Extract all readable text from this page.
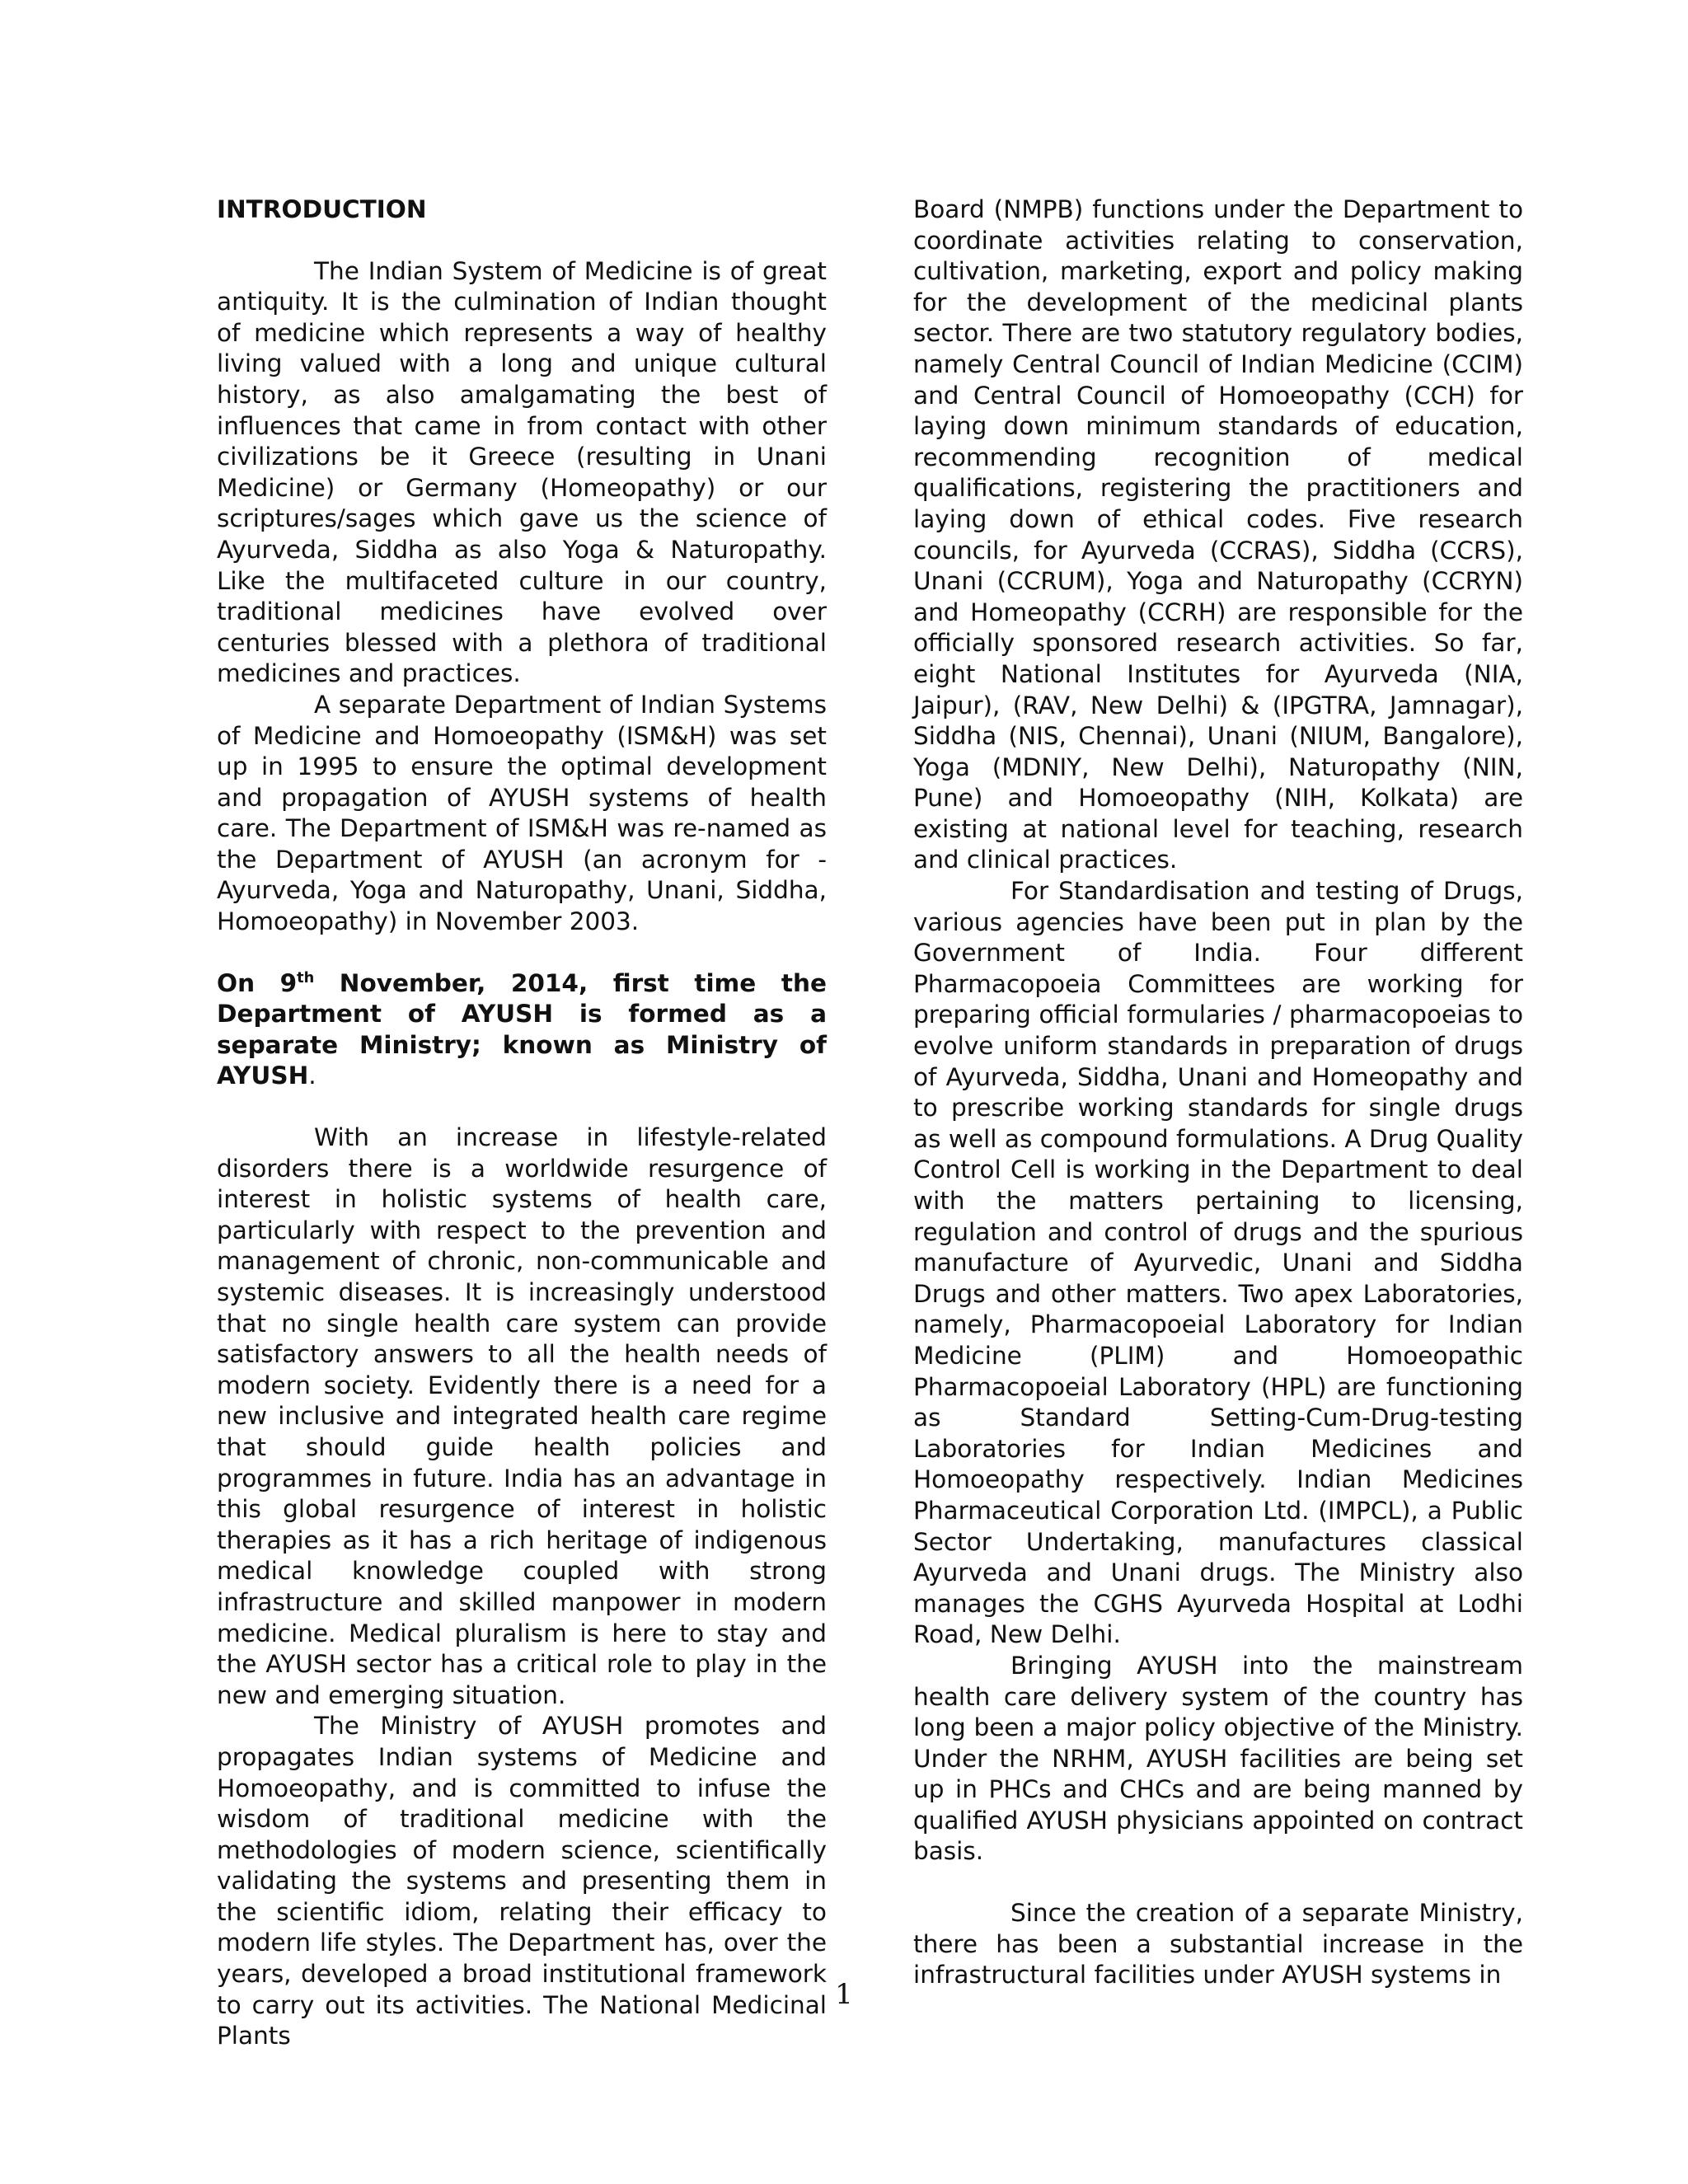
INTRODUCTION

The Indian System of Medicine is of great antiquity. It is the culmination of Indian thought of medicine which represents a way of healthy living valued with a long and unique cultural history, as also amalgamating the best of influences that came in from contact with other civilizations be it Greece (resulting in Unani Medicine) or Germany (Homeopathy) or our scriptures/sages which gave us the science of Ayurveda, Siddha as also Yoga & Naturopathy. Like the multifaceted culture in our country, traditional medicines have evolved over centuries blessed with a plethora of traditional medicines and practices.

A separate Department of Indian Systems of Medicine and Homoeopathy (ISM&H) was set up in 1995 to ensure the optimal development and propagation of AYUSH systems of health care. The Department of ISM&H was re-named as the Department of AYUSH (an acronym for - Ayurveda, Yoga and Naturopathy, Unani, Siddha, Homoeopathy) in November 2003.

On 9th November, 2014, first time the Department of AYUSH is formed as a separate Ministry; known as Ministry of AYUSH.

With an increase in lifestyle-related disorders there is a worldwide resurgence of interest in holistic systems of health care, particularly with respect to the prevention and management of chronic, non-communicable and systemic diseases. It is increasingly understood that no single health care system can provide satisfactory answers to all the health needs of modern society. Evidently there is a need for a new inclusive and integrated health care regime that should guide health policies and programmes in future. India has an advantage in this global resurgence of interest in holistic therapies as it has a rich heritage of indigenous medical knowledge coupled with strong infrastructure and skilled manpower in modern medicine. Medical pluralism is here to stay and the AYUSH sector has a critical role to play in the new and emerging situation.

The Ministry of AYUSH promotes and propagates Indian systems of Medicine and Homoeopathy, and is committed to infuse the wisdom of traditional medicine with the methodologies of modern science, scientifically validating the systems and presenting them in the scientific idiom, relating their efficacy to modern life styles. The Department has, over the years, developed a broad institutional framework to carry out its activities. The National Medicinal Plants

Board (NMPB) functions under the Department to coordinate activities relating to conservation, cultivation, marketing, export and policy making for the development of the medicinal plants sector. There are two statutory regulatory bodies, namely Central Council of Indian Medicine (CCIM) and Central Council of Homoeopathy (CCH) for laying down minimum standards of education, recommending recognition of medical qualifications, registering the practitioners and laying down of ethical codes. Five research councils, for Ayurveda (CCRAS), Siddha (CCRS), Unani (CCRUM), Yoga and Naturopathy (CCRYN) and Homeopathy (CCRH) are responsible for the officially sponsored research activities. So far, eight National Institutes for Ayurveda (NIA, Jaipur), (RAV, New Delhi) & (IPGTRA, Jamnagar), Siddha (NIS, Chennai), Unani (NIUM, Bangalore), Yoga (MDNIY, New Delhi), Naturopathy (NIN, Pune) and Homoeopathy (NIH, Kolkata) are existing at national level for teaching, research and clinical practices.

For Standardisation and testing of Drugs, various agencies have been put in plan by the Government of India. Four different Pharmacopoeia Committees are working for preparing official formularies / pharmacopoeias to evolve uniform standards in preparation of drugs of Ayurveda, Siddha, Unani and Homeopathy and to prescribe working standards for single drugs as well as compound formulations. A Drug Quality Control Cell is working in the Department to deal with the matters pertaining to licensing, regulation and control of drugs and the spurious manufacture of Ayurvedic, Unani and Siddha Drugs and other matters. Two apex Laboratories, namely, Pharmacopoeial Laboratory for Indian Medicine (PLIM) and Homoeopathic Pharmacopoeial Laboratory (HPL) are functioning as Standard Setting-Cum-Drug-testing Laboratories for Indian Medicines and Homoeopathy respectively. Indian Medicines Pharmaceutical Corporation Ltd. (IMPCL), a Public Sector Undertaking, manufactures classical Ayurveda and Unani drugs. The Ministry also manages the CGHS Ayurveda Hospital at Lodhi Road, New Delhi.

Bringing AYUSH into the mainstream health care delivery system of the country has long been a major policy objective of the Ministry. Under the NRHM, AYUSH facilities are being set up in PHCs and CHCs and are being manned by qualified AYUSH physicians appointed on contract basis.

Since the creation of a separate Ministry, there has been a substantial increase in the infrastructural facilities under AYUSH systems in

1
